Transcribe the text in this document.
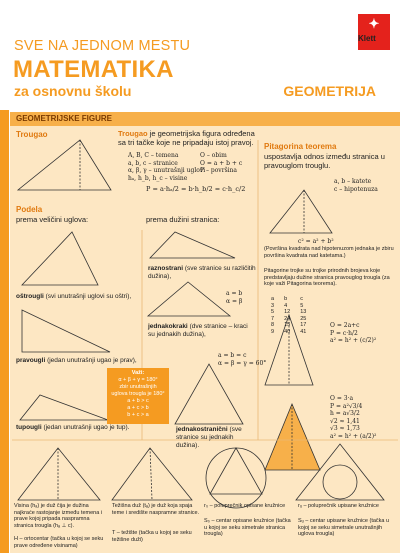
SVE NA JEDNOM MESTU
MATEMATIKA
za osnovnu školu	GEOMETRIJA
✦
Klett
GEOMETRIJSKE FIGURE
Trougao	Trougao je geometrijska figura određena sa tri tačke koje ne pripadaju istoj pravoj.
A, B, C – temena
a, b, c – stranice
α, β, γ – unutrašnji uglovi
hₐ, h_b, h_c – visine
O – obim
O = a + b + c
P – površina
P = a·hₐ/2 = b·h_b/2 = c·h_c/2
Podela
prema veličini uglova:	prema dužini stranica:
oštrougli (svi unutrašnji uglovi su oštri),
pravougli (jedan unutrašnji ugao je prav),
tupougli (jedan unutrašnji ugao je tup).
raznostrani (sve stranice su različitih dužina),
jednakokraki (dve stranice – kraci su jednakih dužina),
a = b
α = β
jednakostranični (sve stranice su jednakih dužina).
a = b = c
α = β = γ = 60°
Važi:
α + β + γ = 180°
zbir unutrašnjih
uglova trougla je 180°
a + b > c
a + c > b
b + c > a
Pitagorina teorema
uspostavlja odnos između stranica u pravouglom trouglu.
a, b – katete
c – hipotenuza
c² = a² + b²
(Površina kvadrata nad hipotenuzom jednaka je zbiru površina kvadrata nad katetama.)
Pitagorine trojke su trojke prirodnih brojeva koje predstavljaju dužine stranica pravouglog trougla (za koje važi Pitagorina teorema).
a	b	c
3	4	5
5	12	13
7	24	25
8	15	17
9	40	41
O = 2a+c
P = c·h/2
a² = h² + (c/2)²
O = 3·a
P = a²√3/4
h = a√3/2
√2 ≈ 1,41
√3 ≈ 1,73
a² = h² + (a/2)²
Visina (hₐ) je duž čija je dužina najkraće rastojanje između temena i prave kojoj pripada naspramna stranica trougla (hₐ ⊥ c).
H – ortocentar (tačka u kojoj se seku prave određene visinama)
Težišna duž (tₐ) je duž koja spaja teme i središte naspramne stranice.
T – težište (tačka u kojoj se seku težišne duži)
r₀ – poluprečnik opisane kružnice
S₀ – centar opisane kružnice (tačka u kojoj se seku simetrale stranica trougla)
rᵤ – poluprečnik upisane kružnice
Sᵤ – centar upisane kružnice (tačka u kojoj se seku simetrale unutrašnjih uglova trougla)
